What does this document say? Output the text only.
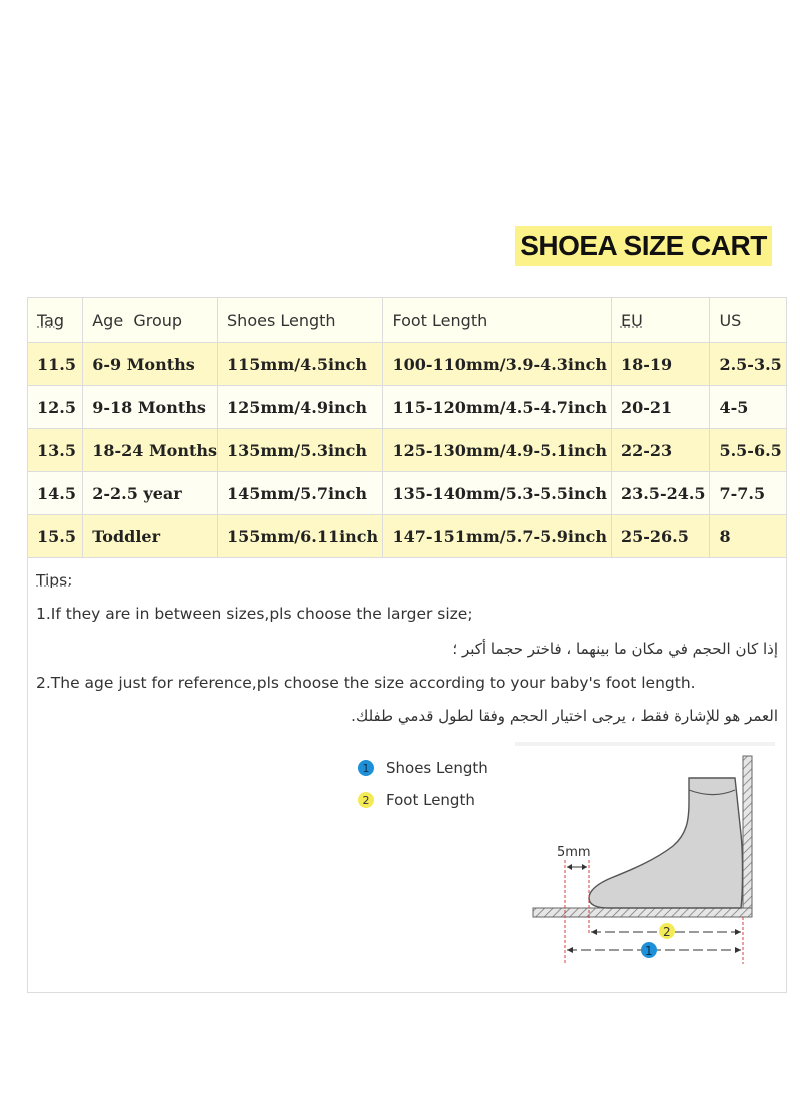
SHOEA SIZE CART
Tag	Age  Group	Shoes Length	Foot Length	EU	US
11.5	6-9 Months	115mm/4.5inch	100-110mm/3.9-4.3inch	18-19	2.5-3.5
12.5	9-18 Months	125mm/4.9inch	115-120mm/4.5-4.7inch	20-21	4-5
13.5	18-24 Months	135mm/5.3inch	125-130mm/4.9-5.1inch	22-23	5.5-6.5
14.5	2-2.5 year	145mm/5.7inch	135-140mm/5.3-5.5inch	23.5-24.5	7-7.5
15.5	Toddler	155mm/6.11inch	147-151mm/5.7-5.9inch	25-26.5	8
Tips:
1.If they are in between sizes,pls choose the larger size;
إذا كان الحجم في مكان ما بينهما ، فاختر حجما أكبر ؛
2.The age just for reference,pls choose the size according to your baby's foot length.
العمر هو للإشارة فقط ، يرجى اختيار الحجم وفقا لطول قدمي طفلك.
1	Shoes Length
2	Foot Length
5mm
2
1
